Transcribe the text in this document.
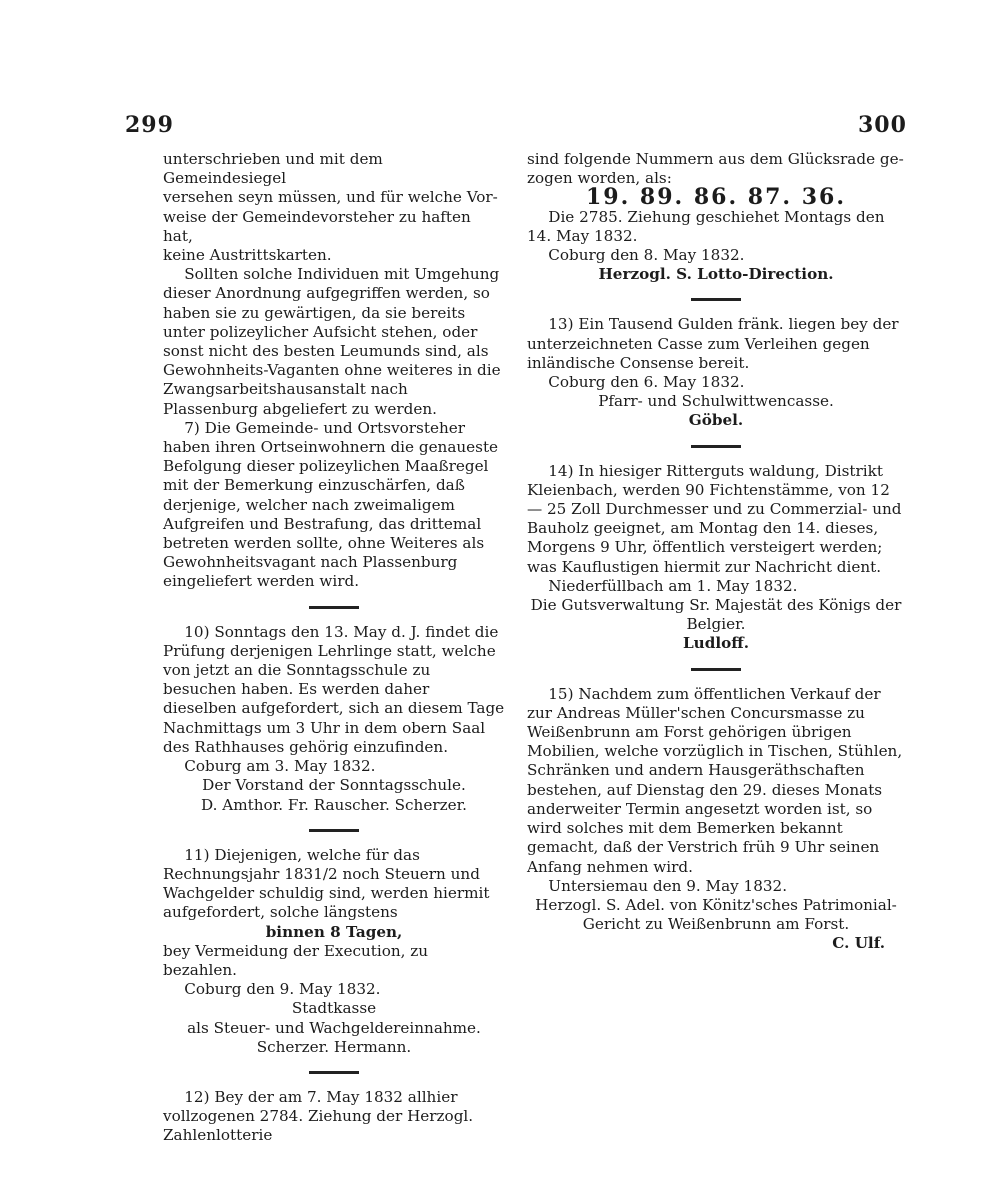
299	300

unterschrieben und mit dem Gemeindesiegel

versehen seyn müssen, und für welche Vor-

weise der Gemeindevorsteher zu haften hat,

keine Austrittskarten.

Sollten solche Individuen mit Umgehung dieser Anordnung aufgegriffen werden, so haben sie zu gewärtigen, da sie bereits unter polizeylicher Aufsicht stehen, oder sonst nicht des besten Leumunds sind, als Gewohnheits-Vaganten ohne weiteres in die Zwangsarbeitshausanstalt nach Plassenburg abgeliefert zu werden.

7) Die Gemeinde- und Ortsvorsteher haben ihren Ortseinwohnern die genaueste Befolgung dieser polizeylichen Maaßregel mit der Bemerkung einzuschärfen, daß derjenige, welcher nach zweimaligem Aufgreifen und Bestrafung, das drittemal betreten werden sollte, ohne Weiteres als Gewohnheitsvagant nach Plassenburg eingeliefert werden wird.

10) Sonntags den 13. May d. J. findet die Prüfung derjenigen Lehrlinge statt, welche von jetzt an die Sonntagsschule zu besuchen haben. Es werden daher dieselben aufgefordert, sich an diesem Tage Nachmittags um 3 Uhr in dem obern Saal des Rathhauses gehörig einzufinden.

Coburg am 3. May 1832.

Der Vorstand der Sonntagsschule.

D. Amthor. Fr. Rauscher. Scherzer.

11) Diejenigen, welche für das Rechnungsjahr 1831/2 noch Steuern und Wachgelder schuldig sind, werden hiermit aufgefordert, solche längstens

binnen 8 Tagen,

bey Vermeidung der Execution, zu bezahlen.

Coburg den 9. May 1832.

Stadtkasse

als Steuer- und Wachgeldereinnahme.

Scherzer. Hermann.

12) Bey der am 7. May 1832 allhier vollzogenen 2784. Ziehung der Herzogl. Zahlenlotterie

sind folgende Nummern aus dem Glücksrade ge-

zogen worden, als:

19. 89. 86. 87. 36.

Die 2785. Ziehung geschiehet Montags den 14. May 1832.

Coburg den 8. May 1832.

Herzogl. S. Lotto-Direction.

13) Ein Tausend Gulden fränk. liegen bey der unterzeichneten Casse zum Verleihen gegen inländische Consense bereit.

Coburg den 6. May 1832.

Pfarr- und Schulwittwencasse.

Göbel.

14) In hiesiger Ritterguts waldung, Distrikt Kleienbach, werden 90 Fichtenstämme, von 12 — 25 Zoll Durchmesser und zu Commerzial- und Bauholz geeignet, am Montag den 14. dieses, Morgens 9 Uhr, öffentlich versteigert werden; was Kauflustigen hiermit zur Nachricht dient.

Niederfüllbach am 1. May 1832.

Die Gutsverwaltung Sr. Majestät des Königs der Belgier.

Ludloff.

15) Nachdem zum öffentlichen Verkauf der zur Andreas Müller'schen Concursmasse zu Weißenbrunn am Forst gehörigen übrigen Mobilien, welche vorzüglich in Tischen, Stühlen, Schränken und andern Hausgeräthschaften bestehen, auf Dienstag den 29. dieses Monats anderweiter Termin angesetzt worden ist, so wird solches mit dem Bemerken bekannt gemacht, daß der Verstrich früh 9 Uhr seinen Anfang nehmen wird.

Untersiemau den 9. May 1832.

Herzogl. S. Adel. von Könitz'sches Patrimonial-Gericht zu Weißenbrunn am Forst.

C. Ulf.
